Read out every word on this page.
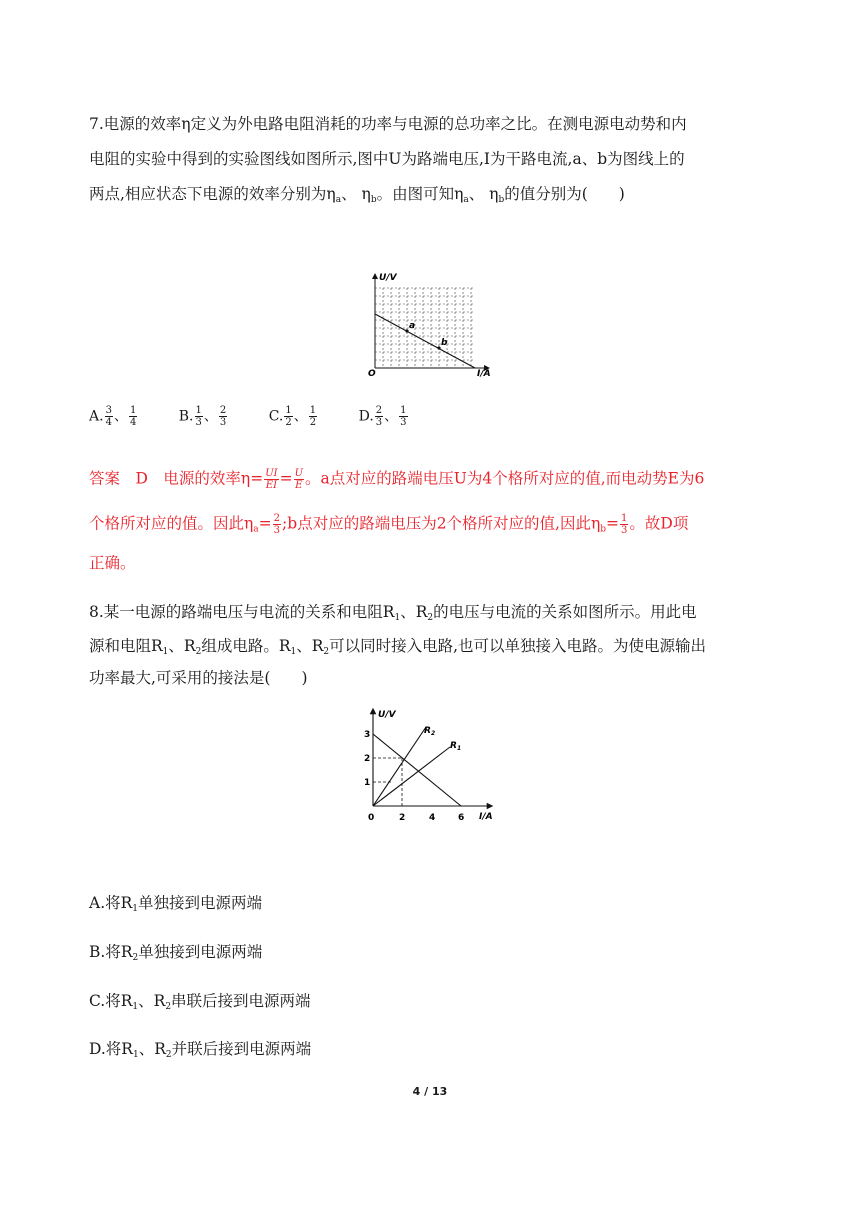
7.电源的效率η定义为外电路电阻消耗的功率与电源的总功率之比。在测电源电动势和内

电阻的实验中得到的实验图线如图所示,图中U为路端电压,I为干路电流,a、b为图线上的

两点,相应状态下电源的效率分别为$\eta_a$、 $\eta_b$。由图可知$\eta_a$、 $\eta_b$的值分别为(　　)

a
b
U/V
I/A
O

A. $\frac{3}{4}$ 、 $\frac{1}{4}$	B. $\frac{1}{3}$ 、 $\frac{2}{3}$	C. $\frac{1}{2}$ 、 $\frac{1}{2}$	D. $\frac{2}{3}$ 、 $\frac{1}{3}$

答案　D　电源的效率$\eta= \frac{UI}{EI} = \frac{U}{E}$ 。a点对应的路端电压U为4个格所对应的值,而电动势E为6

个格所对应的值。因此$\eta_a= \frac{2}{3}$ ;b点对应的路端电压为2个格所对应的值,因此$\eta_b= \frac{1}{3}$ 。故D项

正确。

8.某一电源的路端电压与电流的关系和电阻$R_1$、$R_2$的电压与电流的关系如图所示。用此电

源和电阻$R_1$、$R_2$组成电路。$R_1$、$R_2$可以同时接入电路,也可以单独接入电路。为使电源输出

功率最大,可采用的接法是(　　)

U/V
I/A
0
1
2
3
2	4	6
$R_2$
$R_1$

A.将$R_1$单独接到电源两端

B.将$R_2$单独接到电源两端

C.将$R_1$、$R_2$串联后接到电源两端

D.将$R_1$、$R_2$并联后接到电源两端

4 / 13
